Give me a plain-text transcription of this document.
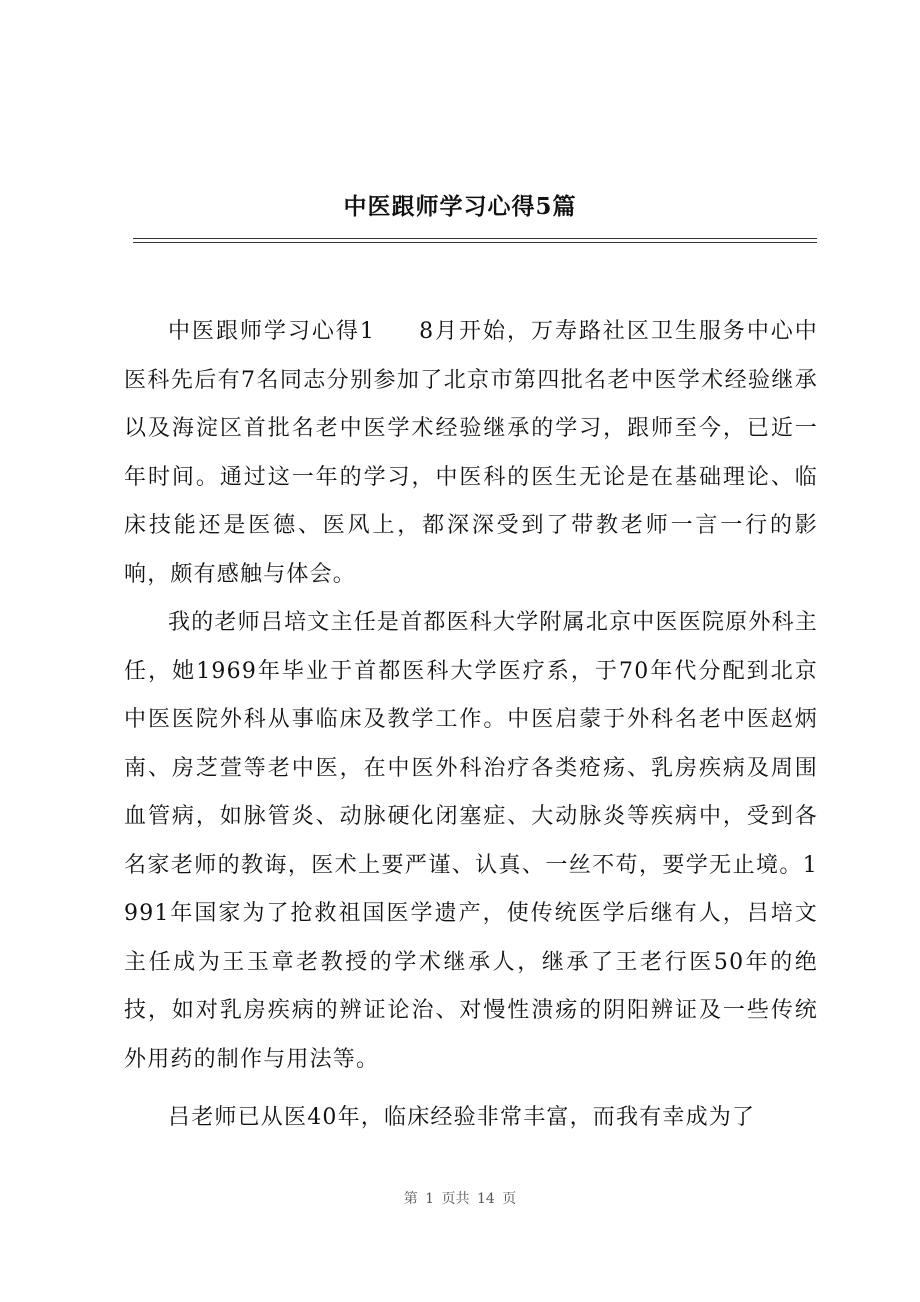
中医跟师学习心得5篇

中医跟师学习心得1 8月开始，万寿路社区卫生服务中心中医科先后有7名同志分别参加了北京市第四批名老中医学术经验继承以及海淀区首批名老中医学术经验继承的学习，跟师至今，已近一年时间。通过这一年的学习，中医科的医生无论是在基础理论、临床技能还是医德、医风上，都深深受到了带教老师一言一行的影响，颇有感触与体会。

我的老师吕培文主任是首都医科大学附属北京中医医院原外科主任，她1969年毕业于首都医科大学医疗系，于70年代分配到北京中医医院外科从事临床及教学工作。中医启蒙于外科名老中医赵炳南、房芝萱等老中医，在中医外科治疗各类疮疡、乳房疾病及周围血管病，如脉管炎、动脉硬化闭塞症、大动脉炎等疾病中，受到各名家老师的教诲，医术上要严谨、认真、一丝不苟，要学无止境。1991年国家为了抢救祖国医学遗产，使传统医学后继有人，吕培文主任成为王玉章老教授的学术继承人，继承了王老行医50年的绝技，如对乳房疾病的辨证论治、对慢性溃疡的阴阳辨证及一些传统外用药的制作与用法等。

吕老师已从医40年，临床经验非常丰富，而我有幸成为了

第 1 页共 14 页
